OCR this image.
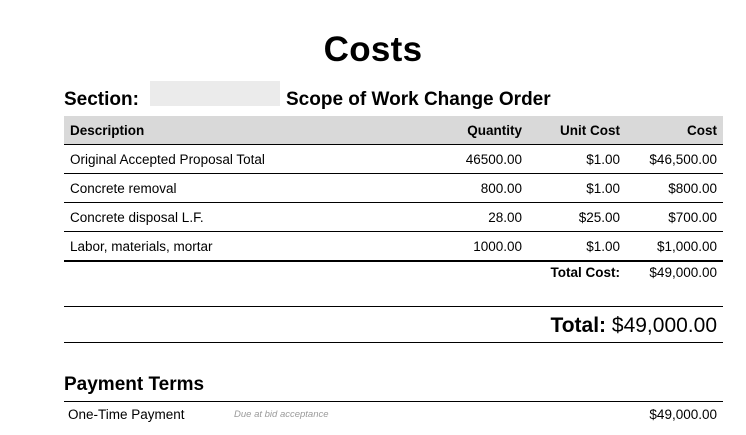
Costs
Section:	Scope of Work Change Order
Description	Quantity	Unit Cost	Cost
Original Accepted Proposal Total	46500.00	$1.00	$46,500.00
Concrete removal	800.00	$1.00	$800.00
Concrete disposal L.F.	28.00	$25.00	$700.00
Labor, materials, mortar	1000.00	$1.00	$1,000.00
Total Cost: $49,000.00
Total: $49,000.00
Payment Terms
One-Time Payment	Due at bid acceptance	$49,000.00
